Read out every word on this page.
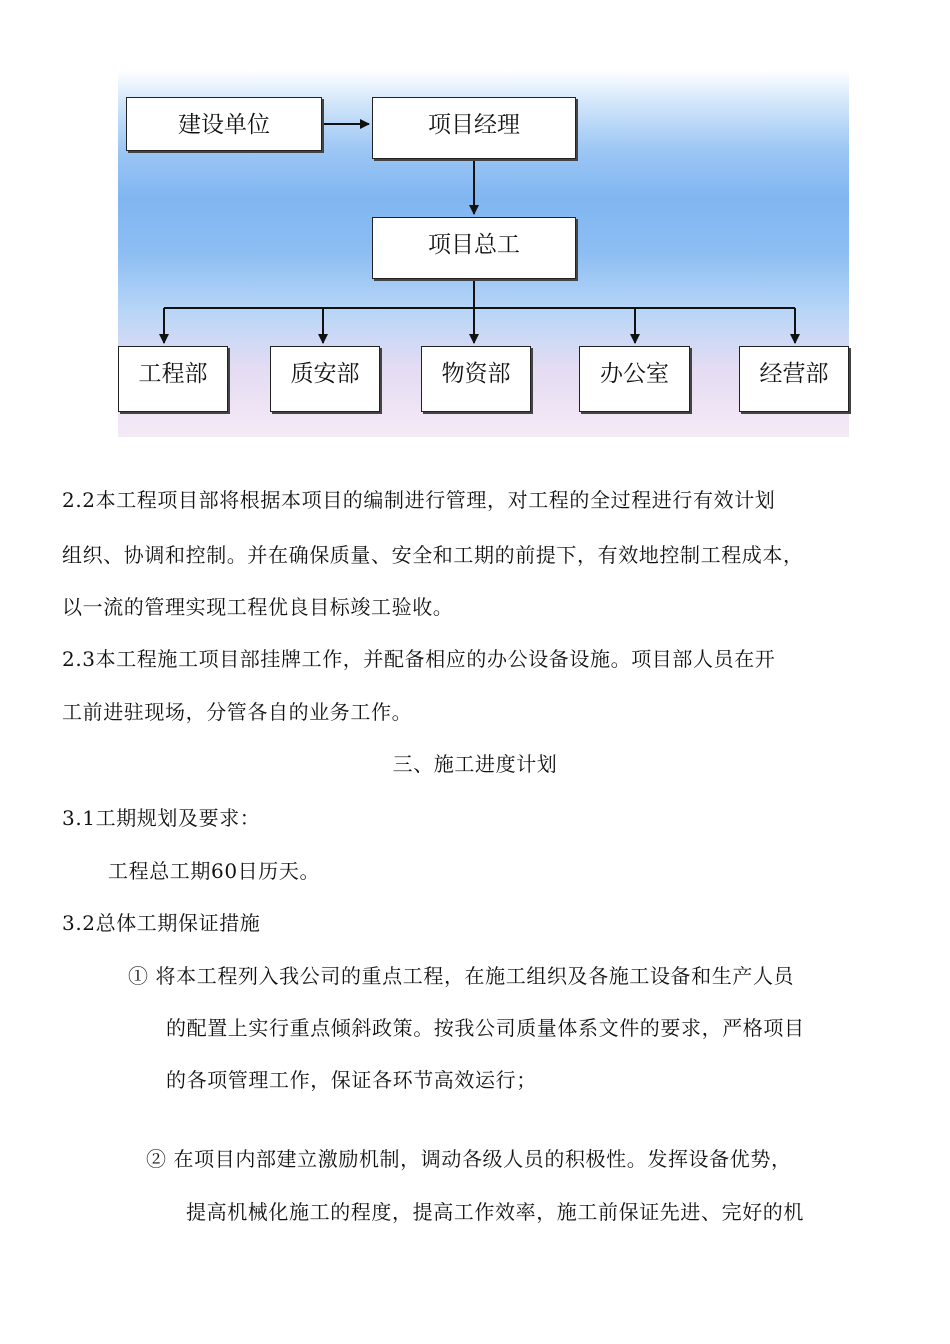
建设单位	项目经理
项目总工
工程部	质安部	物资部	办公室	经营部
2.2本工程项目部将根据本项目的编制进行管理，对工程的全过程进行有效计划
组织、协调和控制。并在确保质量、安全和工期的前提下，有效地控制工程成本，
以一流的管理实现工程优良目标竣工验收。
2.3本工程施工项目部挂牌工作，并配备相应的办公设备设施。项目部人员在开
工前进驻现场，分管各自的业务工作。
三、施工进度计划
3.1工期规划及要求：
工程总工期60日历天。
3.2总体工期保证措施
① 将本工程列入我公司的重点工程，在施工组织及各施工设备和生产人员
的配置上实行重点倾斜政策。按我公司质量体系文件的要求，严格项目
的各项管理工作，保证各环节高效运行；
② 在项目内部建立激励机制，调动各级人员的积极性。发挥设备优势，
提高机械化施工的程度，提高工作效率，施工前保证先进、完好的机
